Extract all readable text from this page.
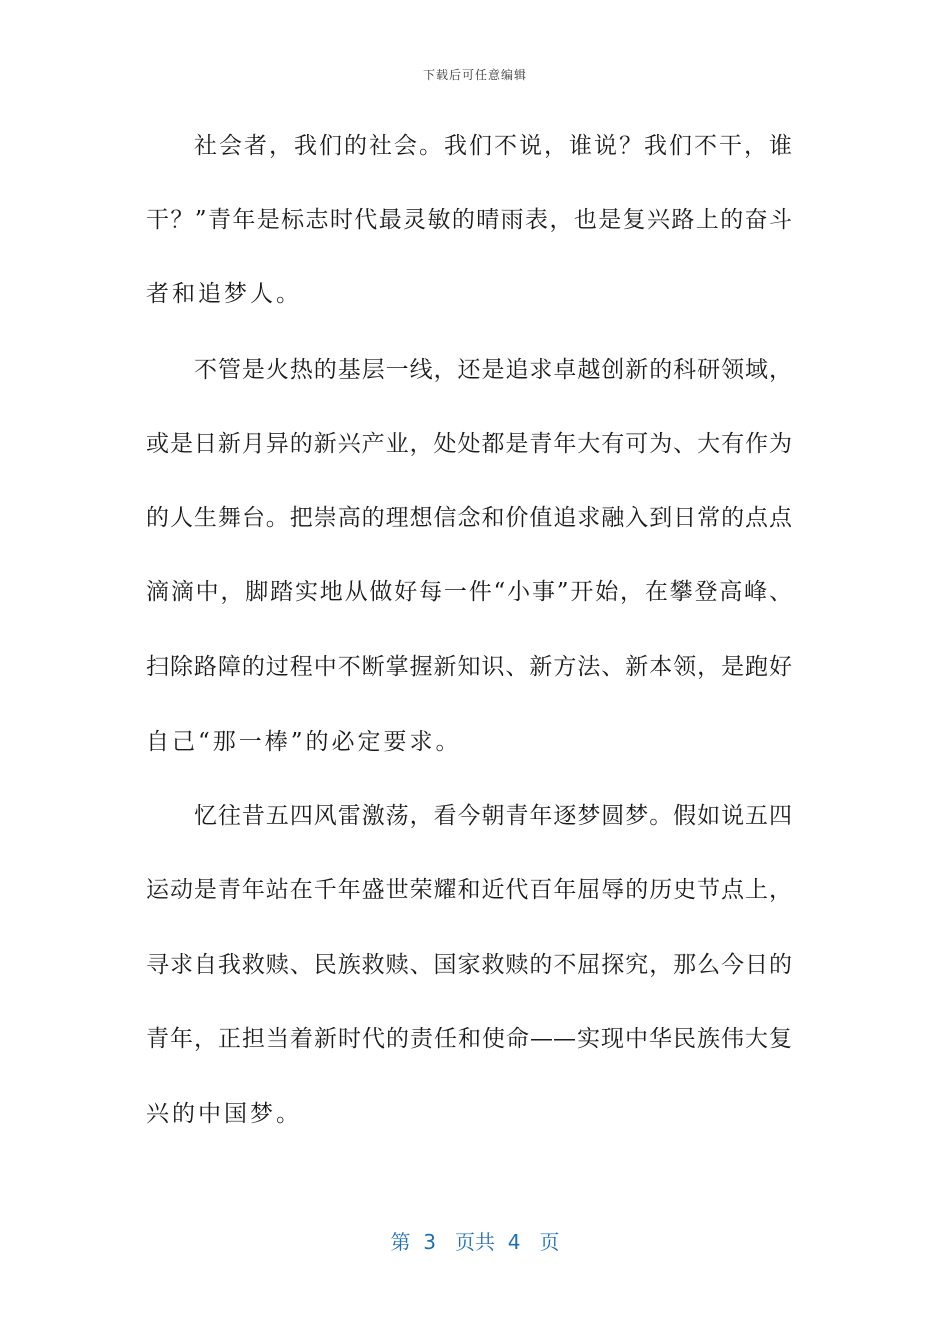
下载后可任意编辑
社会者，我们的社会。我们不说，谁说？我们不干，谁
干？”青年是标志时代最灵敏的晴雨表，也是复兴路上的奋斗
者和追梦人。
不管是火热的基层一线，还是追求卓越创新的科研领域，
或是日新月异的新兴产业，处处都是青年大有可为、大有作为
的人生舞台。把崇高的理想信念和价值追求融入到日常的点点
滴滴中，脚踏实地从做好每一件“小事”开始，在攀登高峰、
扫除路障的过程中不断掌握新知识、新方法、新本领，是跑好
自己“那一棒”的必定要求。
忆往昔五四风雷激荡，看今朝青年逐梦圆梦。假如说五四
运动是青年站在千年盛世荣耀和近代百年屈辱的历史节点上，
寻求自我救赎、民族救赎、国家救赎的不屈探究，那么今日的
青年，正担当着新时代的责任和使命——实现中华民族伟大复
兴的中国梦。
第  3   页共  4   页
